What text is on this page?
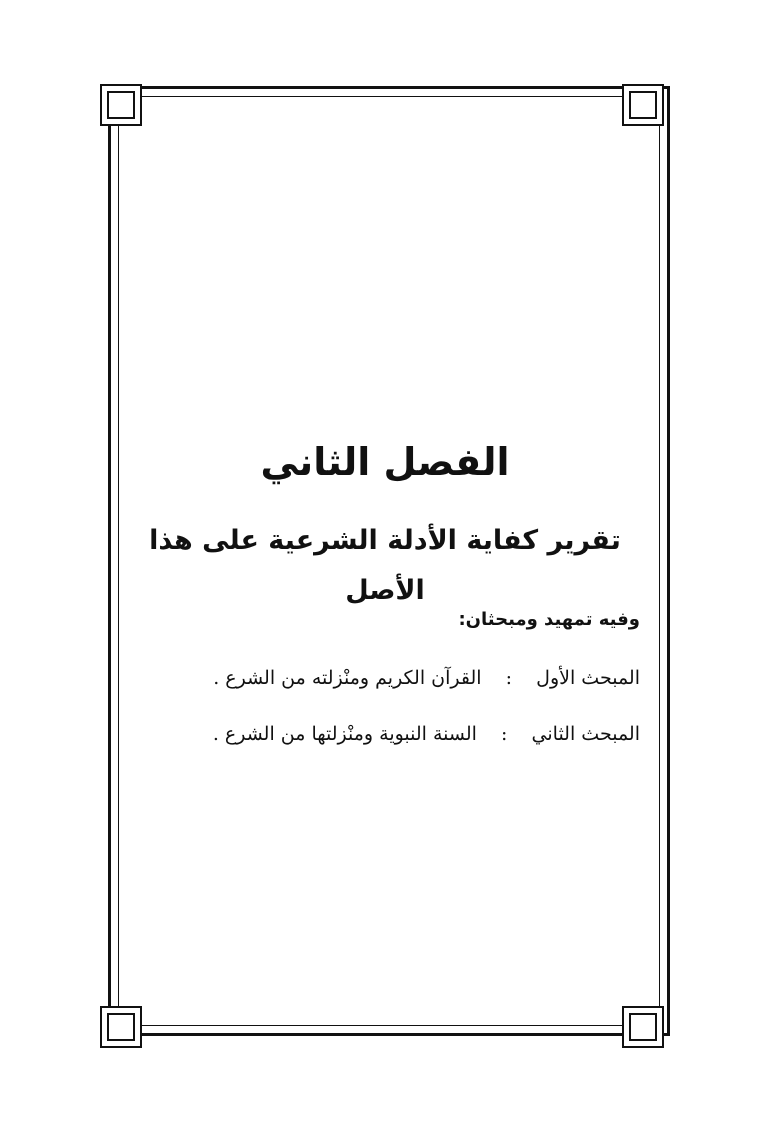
الفصل الثاني
تقرير كفاية الأدلة الشرعية على هذا الأصل
وفيه تمهيد ومبحثان:
المبحث الأول  :  القرآن الكريم ومنْزلته من الشرع .
المبحث الثاني  :  السنة النبوية ومنْزلتها من الشرع .
